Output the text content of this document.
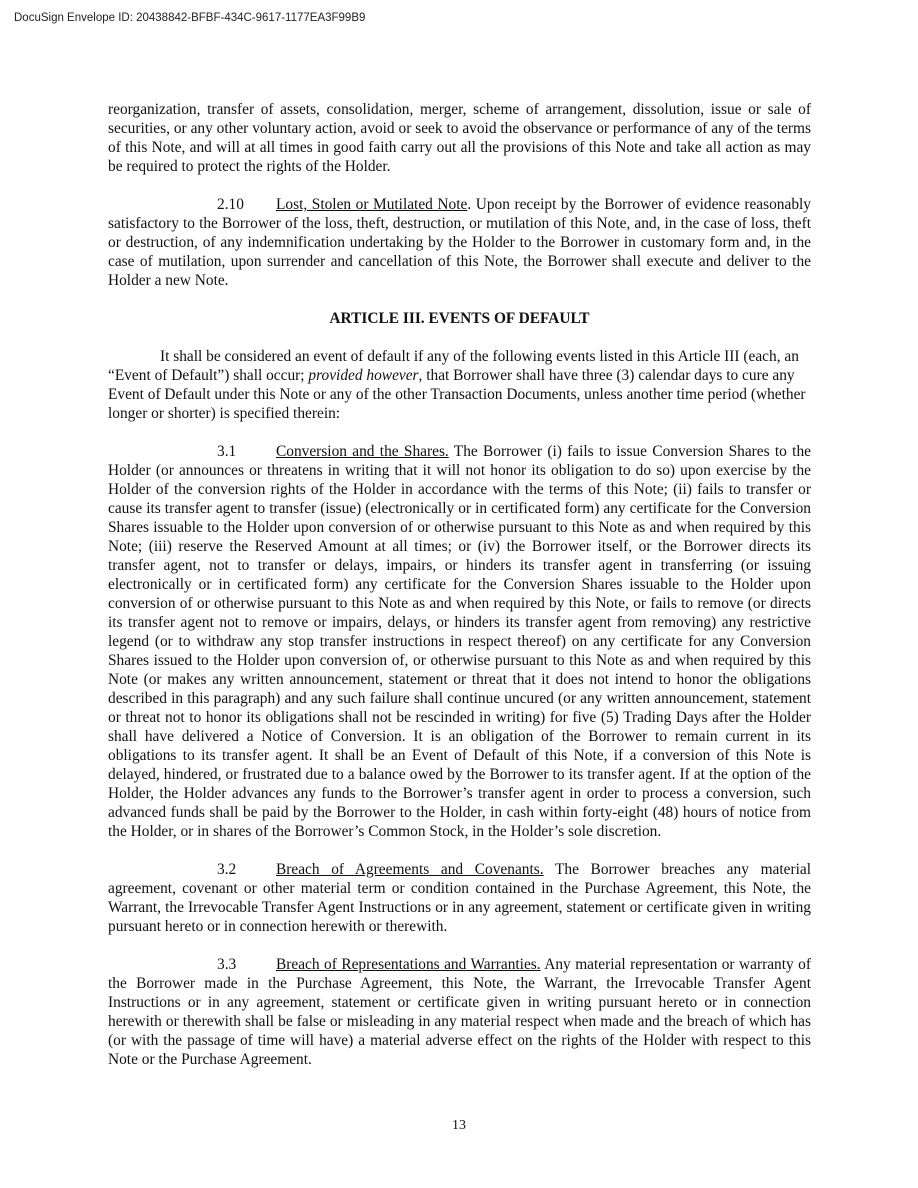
DocuSign Envelope ID: 20438842-BFBF-434C-9617-1177EA3F99B9

reorganization, transfer of assets, consolidation, merger, scheme of arrangement, dissolution, issue or sale of securities, or any other voluntary action, avoid or seek to avoid the observance or performance of any of the terms of this Note, and will at all times in good faith carry out all the provisions of this Note and take all action as may be required to protect the rights of the Holder.

2.10 Lost, Stolen or Mutilated Note. Upon receipt by the Borrower of evidence reasonably satisfactory to the Borrower of the loss, theft, destruction, or mutilation of this Note, and, in the case of loss, theft or destruction, of any indemnification undertaking by the Holder to the Borrower in customary form and, in the case of mutilation, upon surrender and cancellation of this Note, the Borrower shall execute and deliver to the Holder a new Note.

ARTICLE III. EVENTS OF DEFAULT

It shall be considered an event of default if any of the following events listed in this Article III (each, an “Event of Default”) shall occur; provided however, that Borrower shall have three (3) calendar days to cure any Event of Default under this Note or any of the other Transaction Documents, unless another time period (whether longer or shorter) is specified therein:

3.1	Conversion and the Shares. The Borrower (i) fails to issue Conversion Shares to the Holder (or announces or threatens in writing that it will not honor its obligation to do so) upon exercise by the Holder of the conversion rights of the Holder in accordance with the terms of this Note; (ii) fails to transfer or cause its transfer agent to transfer (issue) (electronically or in certificated form) any certificate for the Conversion Shares issuable to the Holder upon conversion of or otherwise pursuant to this Note as and when required by this Note; (iii) reserve the Reserved Amount at all times; or (iv) the Borrower itself, or the Borrower directs its transfer agent, not to transfer or delays, impairs, or hinders its transfer agent in transferring (or issuing electronically or in certificated form) any certificate for the Conversion Shares issuable to the Holder upon conversion of or otherwise pursuant to this Note as and when required by this Note, or fails to remove (or directs its transfer agent not to remove or impairs, delays, or hinders its transfer agent from removing) any restrictive legend (or to withdraw any stop transfer instructions in respect thereof) on any certificate for any Conversion Shares issued to the Holder upon conversion of, or otherwise pursuant to this Note as and when required by this Note (or makes any written announcement, statement or threat that it does not intend to honor the obligations described in this paragraph) and any such failure shall continue uncured (or any written announcement, statement or threat not to honor its obligations shall not be rescinded in writing) for five (5) Trading Days after the Holder shall have delivered a Notice of Conversion. It is an obligation of the Borrower to remain current in its obligations to its transfer agent. It shall be an Event of Default of this Note, if a conversion of this Note is delayed, hindered, or frustrated due to a balance owed by the Borrower to its transfer agent. If at the option of the Holder, the Holder advances any funds to the Borrower’s transfer agent in order to process a conversion, such advanced funds shall be paid by the Borrower to the Holder, in cash within forty-eight (48) hours of notice from the Holder, or in shares of the Borrower’s Common Stock, in the Holder’s sole discretion.

3.2	Breach of Agreements and Covenants. The Borrower breaches any material agreement, covenant or other material term or condition contained in the Purchase Agreement, this Note, the Warrant, the Irrevocable Transfer Agent Instructions or in any agreement, statement or certificate given in writing pursuant hereto or in connection herewith or therewith.

3.3	Breach of Representations and Warranties. Any material representation or warranty of the Borrower made in the Purchase Agreement, this Note, the Warrant, the Irrevocable Transfer Agent Instructions or in any agreement, statement or certificate given in writing pursuant hereto or in connection herewith or therewith shall be false or misleading in any material respect when made and the breach of which has (or with the passage of time will have) a material adverse effect on the rights of the Holder with respect to this Note or the Purchase Agreement.

13
